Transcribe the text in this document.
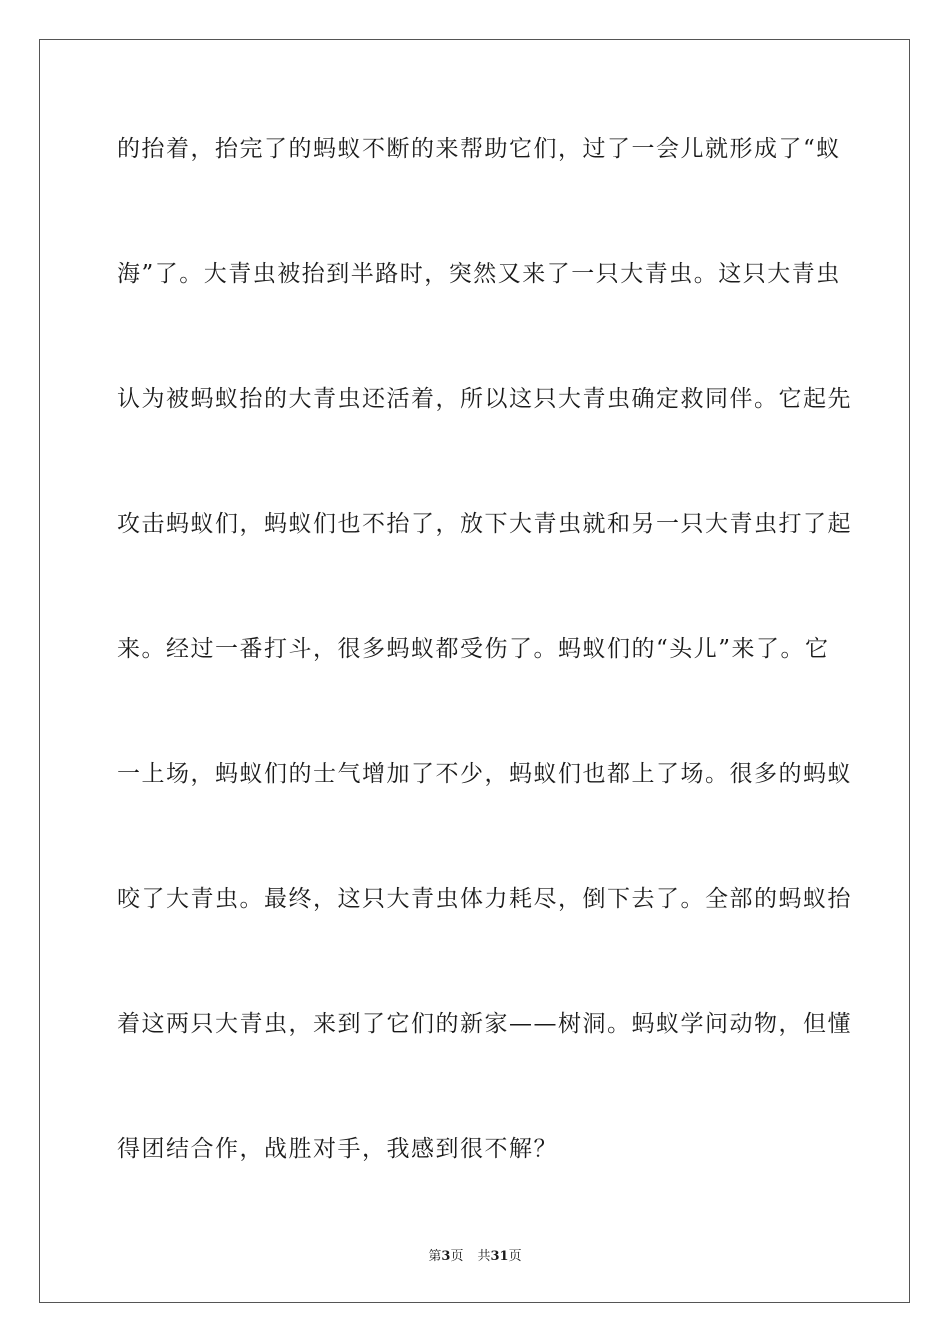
的抬着，抬完了的蚂蚁不断的来帮助它们，过了一会儿就形成了“蚁
海”了。大青虫被抬到半路时，突然又来了一只大青虫。这只大青虫
认为被蚂蚁抬的大青虫还活着，所以这只大青虫确定救同伴。它起先
攻击蚂蚁们，蚂蚁们也不抬了，放下大青虫就和另一只大青虫打了起
来。经过一番打斗，很多蚂蚁都受伤了。蚂蚁们的“头儿”来了。它
一上场，蚂蚁们的士气增加了不少，蚂蚁们也都上了场。很多的蚂蚁
咬了大青虫。最终，这只大青虫体力耗尽，倒下去了。全部的蚂蚁抬
着这两只大青虫，来到了它们的新家——树洞。蚂蚁学问动物，但懂
得团结合作，战胜对手，我感到很不解？
第3页 共31页
